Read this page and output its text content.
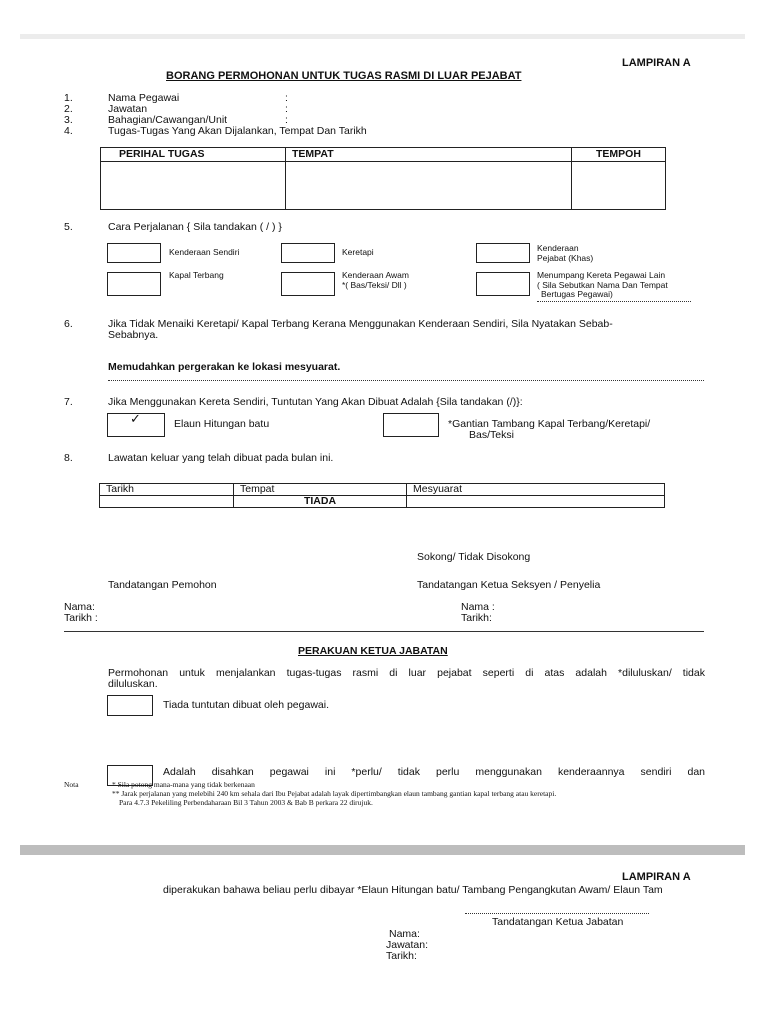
LAMPIRAN A
BORANG PERMOHONAN UNTUK TUGAS RASMI DI LUAR PEJABAT
1.	Nama Pegawai	:
2.	Jawatan	:
3.	Bahagian/Cawangan/Unit	:
4.	Tugas-Tugas Yang Akan Dijalankan, Tempat Dan Tarikh
PERIHAL TUGAS	TEMPAT	TEMPOH

5.	Cara Perjalanan { Sila tandakan ( / ) }
Kenderaan Sendiri	Keretapi	Kenderaan
Pejabat (Khas)
Kapal Terbang	Kenderaan Awam
*( Bas/Teksi/ Dll )
Menumpang Kereta Pegawai Lain
( Sila Sebutkan Nama Dan Tempat
Bertugas Pegawai)
6.	Jika Tidak Menaiki Keretapi/ Kapal Terbang Kerana Menggunakan Kenderaan Sendiri, Sila Nyatakan Sebab-
Sebabnya.
Memudahkan pergerakan ke lokasi mesyuarat.
7.	Jika Menggunakan Kereta Sendiri, Tuntutan Yang Akan Dibuat Adalah {Sila tandakan (/)}:
✓	Elaun Hitungan batu	*Gantian Tambang Kapal Terbang/Keretapi/
Bas/Teksi
8.	Lawatan keluar yang telah dibuat pada bulan ini.
Tarikh	Tempat	Mesyuarat
	TIADA	
Sokong/ Tidak Disokong
Tandatangan Pemohon	Tandatangan Ketua Seksyen / Penyelia
Nama:
Tarikh :
Nama :
Tarikh:
PERAKUAN KETUA JABATAN
Permohonan untuk menjalankan tugas-tugas rasmi di luar pejabat seperti di atas adalah *diluluskan/ tidak
diluluskan.
Tiada tuntutan dibuat oleh pegawai.
Adalah disahkan pegawai ini *perlu/ tidak perlu menggunakan kenderaannya sendiri dan
Nota	* Sila potong mana-mana yang tidak berkenaan
** Jarak perjalanan yang melebihi 240 km sehala dari Ibu Pejabat adalah layak dipertimbangkan elaun tambang gantian kapal terbang atau keretapi.
Para 4.7.3 Pekeliling Perbendaharaan Bil 3 Tahun 2003 & Bab B perkara 22 dirujuk.
LAMPIRAN A
diperakukan bahawa beliau perlu dibayar *Elaun Hitungan batu/ Tambang Pengangkutan Awam/ Elaun Tam
Tandatangan Ketua Jabatan
Nama:
Jawatan:
Tarikh:
